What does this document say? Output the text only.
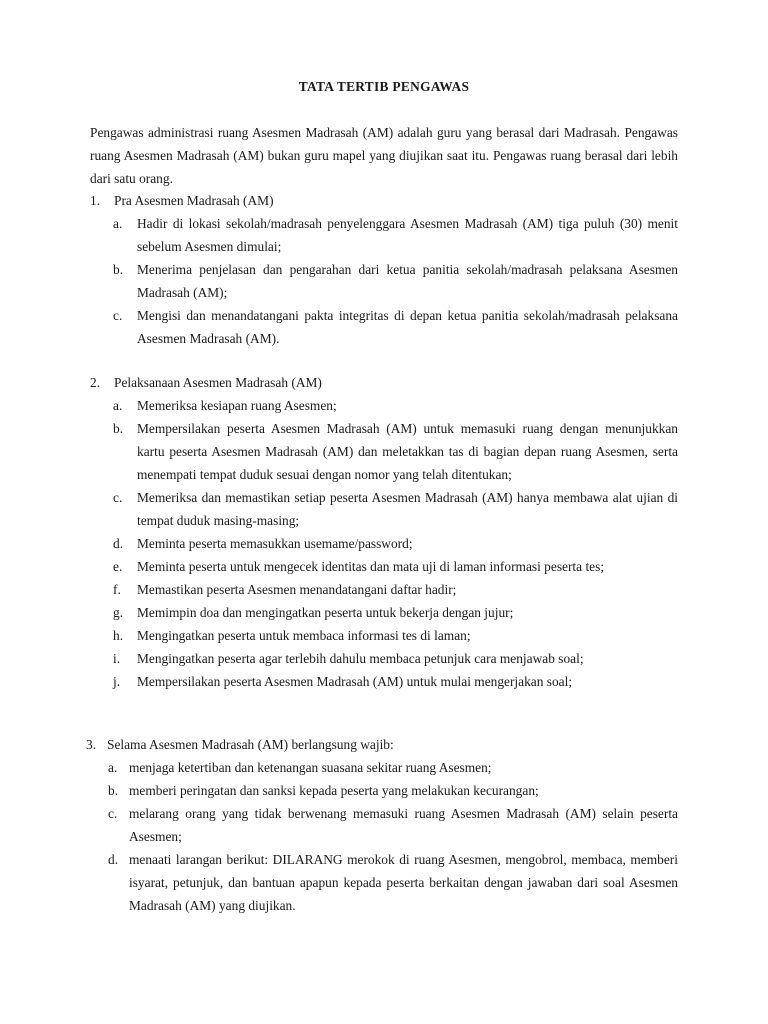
TATA TERTIB PENGAWAS
Pengawas administrasi ruang Asesmen Madrasah (AM) adalah guru yang berasal dari Madrasah. Pengawas ruang Asesmen Madrasah (AM) bukan guru mapel yang diujikan saat itu. Pengawas ruang berasal dari lebih dari satu orang.
1. Pra Asesmen Madrasah (AM)
a. Hadir di lokasi sekolah/madrasah penyelenggara Asesmen Madrasah (AM) tiga puluh (30) menit sebelum Asesmen dimulai;
b. Menerima penjelasan dan pengarahan dari ketua panitia sekolah/madrasah pelaksana Asesmen Madrasah (AM);
c. Mengisi dan menandatangani pakta integritas di depan ketua panitia sekolah/madrasah pelaksana Asesmen Madrasah (AM).
2. Pelaksanaan Asesmen Madrasah (AM)
a. Memeriksa kesiapan ruang Asesmen;
b. Mempersilakan peserta Asesmen Madrasah (AM) untuk memasuki ruang dengan menunjukkan kartu peserta Asesmen Madrasah (AM) dan meletakkan tas di bagian depan ruang Asesmen, serta menempati tempat duduk sesuai dengan nomor yang telah ditentukan;
c. Memeriksa dan memastikan setiap peserta Asesmen Madrasah (AM) hanya membawa alat ujian di tempat duduk masing-masing;
d. Meminta peserta memasukkan usemame/password;
e. Meminta peserta untuk mengecek identitas dan mata uji di laman informasi peserta tes;
f. Memastikan peserta Asesmen menandatangani daftar hadir;
g. Memimpin doa dan mengingatkan peserta untuk bekerja dengan jujur;
h. Mengingatkan peserta untuk membaca informasi tes di laman;
i. Mengingatkan peserta agar terlebih dahulu membaca petunjuk cara menjawab soal;
j. Mempersilakan peserta Asesmen Madrasah (AM) untuk mulai mengerjakan soal;
3. Selama Asesmen Madrasah (AM) berlangsung wajib:
a. menjaga ketertiban dan ketenangan suasana sekitar ruang Asesmen;
b. memberi peringatan dan sanksi kepada peserta yang melakukan kecurangan;
c. melarang orang yang tidak berwenang memasuki ruang Asesmen Madrasah (AM) selain peserta Asesmen;
d. menaati larangan berikut: DILARANG merokok di ruang Asesmen, mengobrol, membaca, memberi isyarat, petunjuk, dan bantuan apapun kepada peserta berkaitan dengan jawaban dari soal Asesmen Madrasah (AM) yang diujikan.
